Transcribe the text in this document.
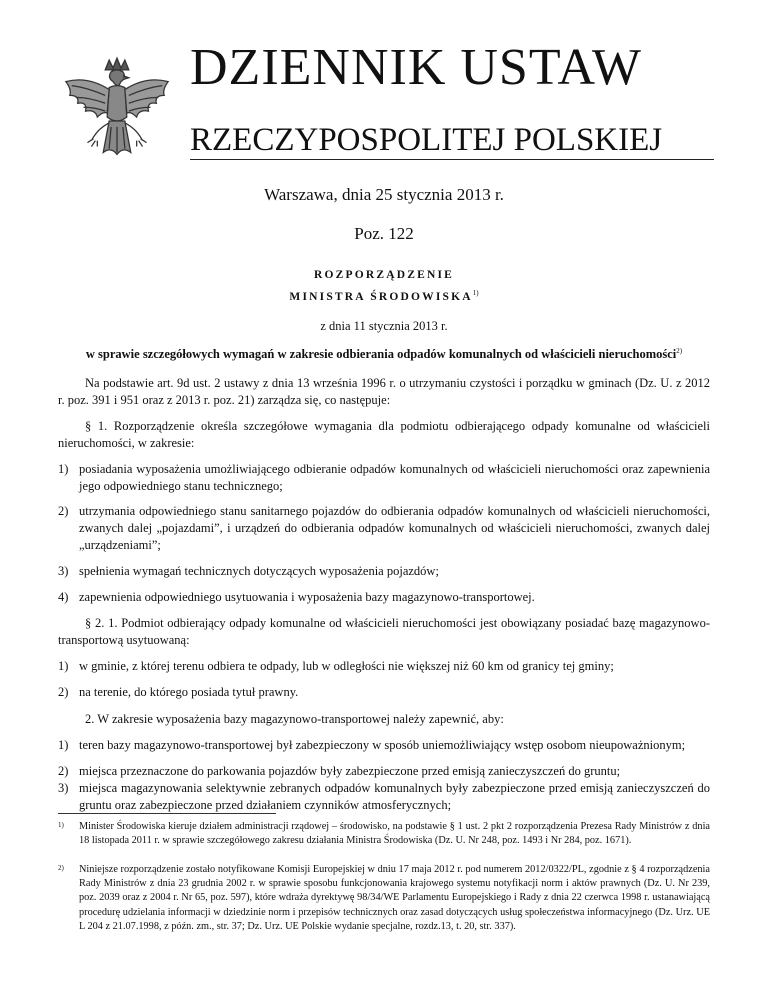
DZIENNIK USTAW
RZECZYPOSPOLITEJ POLSKIEJ
Warszawa, dnia 25 stycznia 2013 r.
Poz. 122
ROZPORZĄDZENIE
MINISTRA ŚRODOWISKA$^{1)}$
z dnia 11 stycznia 2013 r.
w sprawie szczegółowych wymagań w zakresie odbierania odpadów komunalnych od właścicieli nieruchomości$^{2)}$
Na podstawie art. 9d ust. 2 ustawy z dnia 13 września 1996 r. o utrzymaniu czystości i porządku w gminach (Dz. U. z 2012 r. poz. 391 i 951 oraz z 2013 r. poz. 21) zarządza się, co następuje:
§ 1. Rozporządzenie określa szczegółowe wymagania dla podmiotu odbierającego odpady komunalne od właścicieli nieruchomości, w zakresie:
1) posiadania wyposażenia umożliwiającego odbieranie odpadów komunalnych od właścicieli nieruchomości oraz zapewnienia jego odpowiedniego stanu technicznego;
2) utrzymania odpowiedniego stanu sanitarnego pojazdów do odbierania odpadów komunalnych od właścicieli nieruchomości, zwanych dalej „pojazdami”, i urządzeń do odbierania odpadów komunalnych od właścicieli nieruchomości, zwanych dalej „urządzeniami”;
3) spełnienia wymagań technicznych dotyczących wyposażenia pojazdów;
4) zapewnienia odpowiedniego usytuowania i wyposażenia bazy magazynowo-transportowej.
§ 2. 1. Podmiot odbierający odpady komunalne od właścicieli nieruchomości jest obowiązany posiadać bazę magazynowo-transportową usytuowaną:
1) w gminie, z której terenu odbiera te odpady, lub w odległości nie większej niż 60 km od granicy tej gminy;
2) na terenie, do którego posiada tytuł prawny.
2. W zakresie wyposażenia bazy magazynowo-transportowej należy zapewnić, aby:
1) teren bazy magazynowo-transportowej był zabezpieczony w sposób uniemożliwiający wstęp osobom nieupoważnionym;
2) miejsca przeznaczone do parkowania pojazdów były zabezpieczone przed emisją zanieczyszczeń do gruntu;
3) miejsca magazynowania selektywnie zebranych odpadów komunalnych były zabezpieczone przed emisją zanieczyszczeń do gruntu oraz zabezpieczone przed działaniem czynników atmosferycznych;
1) Minister Środowiska kieruje działem administracji rządowej – środowisko, na podstawie § 1 ust. 2 pkt 2 rozporządzenia Prezesa Rady Ministrów z dnia 18 listopada 2011 r. w sprawie szczegółowego zakresu działania Ministra Środowiska (Dz. U. Nr 248, poz. 1493 i Nr 284, poz. 1671).
2) Niniejsze rozporządzenie zostało notyfikowane Komisji Europejskiej w dniu 17 maja 2012 r. pod numerem 2012/0322/PL, zgodnie z § 4 rozporządzenia Rady Ministrów z dnia 23 grudnia 2002 r. w sprawie sposobu funkcjonowania krajowego systemu notyfikacji norm i aktów prawnych (Dz. U. Nr 239, poz. 2039 oraz z 2004 r. Nr 65, poz. 597), które wdraża dyrektywę 98/34/WE Parlamentu Europejskiego i Rady z dnia 22 czerwca 1998 r. ustanawiającą procedurę udzielania informacji w dziedzinie norm i przepisów technicznych oraz zasad dotyczących usług społeczeństwa informacyjnego (Dz. Urz. UE L 204 z 21.07.1998, z późn. zm., str. 37; Dz. Urz. UE Polskie wydanie specjalne, rozdz.13, t. 20, str. 337).
